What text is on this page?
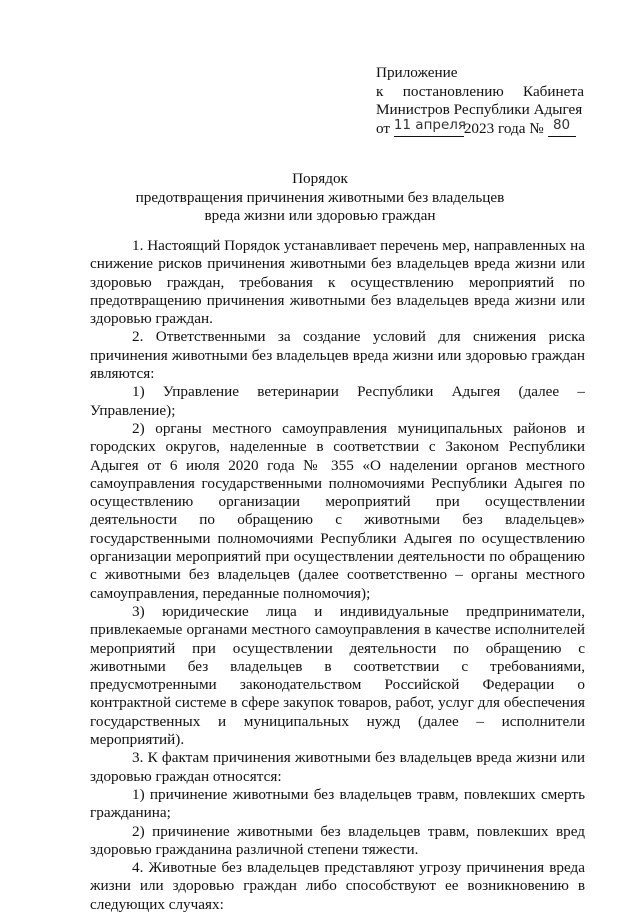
Приложение
к постановлению Кабинета
Министров Республики Адыгея
от 11 апреля2023 года № 80
Порядок
предотвращения причинения животными без владельцев
вреда жизни или здоровью граждан

1. Настоящий Порядок устанавливает перечень мер, направленных на снижение рисков причинения животными без владельцев вреда жизни или здоровью граждан, требования к осуществлению мероприятий по предотвращению причинения животными без владельцев вреда жизни или здоровью граждан.

2. Ответственными за создание условий для снижения риска причинения животными без владельцев вреда жизни или здоровью граждан являются:

1) Управление ветеринарии Республики Адыгея (далее – Управление);

2) органы местного самоуправления муниципальных районов и городских округов, наделенные в соответствии с Законом Республики Адыгея от 6 июля 2020 года № 355 «О наделении органов местного самоуправления государственными полномочиями Республики Адыгея по осуществлению организации мероприятий при осуществлении деятельности по обращению с животными без владельцев» государственными полномочиями Республики Адыгея по осуществлению организации мероприятий при осуществлении деятельности по обращению с животными без владельцев (далее соответственно – органы местного самоуправления, переданные полномочия);

3) юридические лица и индивидуальные предприниматели, привлекаемые органами местного самоуправления в качестве исполнителей мероприятий при осуществлении деятельности по обращению с животными без владельцев в соответствии с требованиями, предусмотренными законодательством Российской Федерации о контрактной системе в сфере закупок товаров, работ, услуг для обеспечения государственных и муниципальных нужд (далее – исполнители мероприятий).

3. К фактам причинения животными без владельцев вреда жизни или здоровью граждан относятся:

1) причинение животными без владельцев травм, повлекших смерть гражданина;

2) причинение животными без владельцев травм, повлекших вред здоровью гражданина различной степени тяжести.

4. Животные без владельцев представляют угрозу причинения вреда жизни или здоровью граждан либо способствуют ее возникновению в следующих случаях:
